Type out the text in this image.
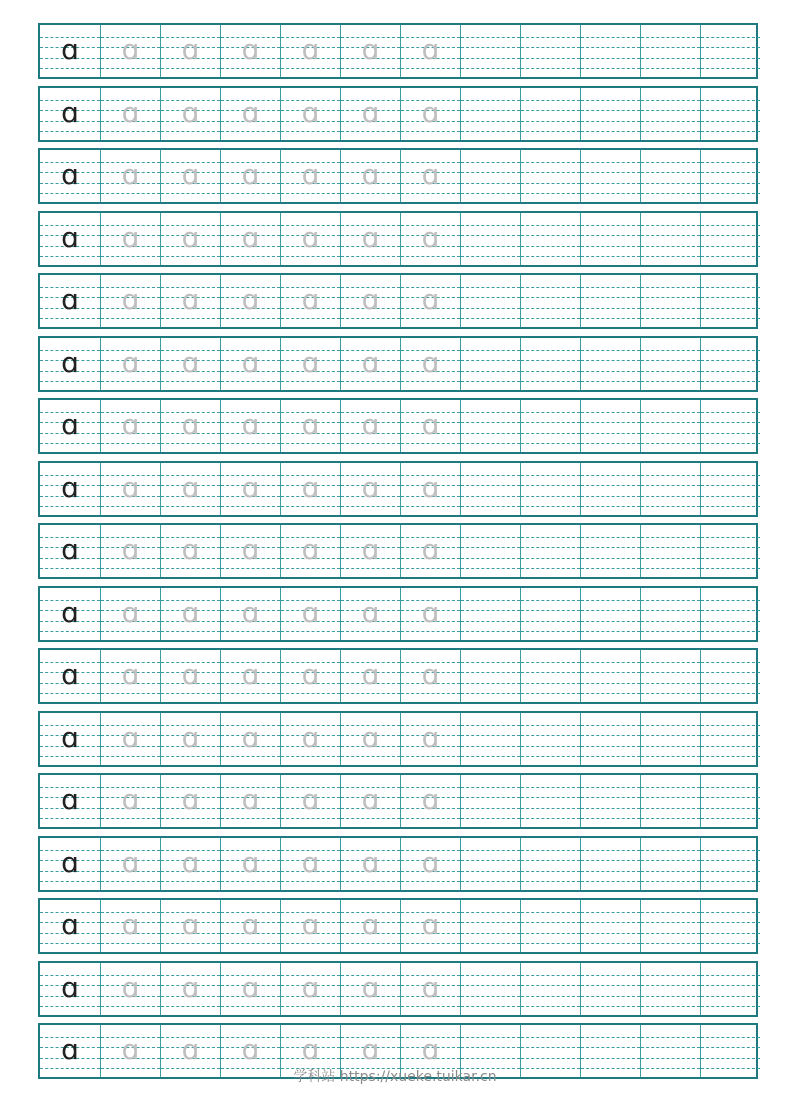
ɑ	ɑ	ɑ	ɑ	ɑ	ɑ	ɑ
ɑ	ɑ	ɑ	ɑ	ɑ	ɑ	ɑ
ɑ	ɑ	ɑ	ɑ	ɑ	ɑ	ɑ
ɑ	ɑ	ɑ	ɑ	ɑ	ɑ	ɑ
ɑ	ɑ	ɑ	ɑ	ɑ	ɑ	ɑ
ɑ	ɑ	ɑ	ɑ	ɑ	ɑ	ɑ
ɑ	ɑ	ɑ	ɑ	ɑ	ɑ	ɑ
ɑ	ɑ	ɑ	ɑ	ɑ	ɑ	ɑ
ɑ	ɑ	ɑ	ɑ	ɑ	ɑ	ɑ
ɑ	ɑ	ɑ	ɑ	ɑ	ɑ	ɑ
ɑ	ɑ	ɑ	ɑ	ɑ	ɑ	ɑ
ɑ	ɑ	ɑ	ɑ	ɑ	ɑ	ɑ
ɑ	ɑ	ɑ	ɑ	ɑ	ɑ	ɑ
ɑ	ɑ	ɑ	ɑ	ɑ	ɑ	ɑ
ɑ	ɑ	ɑ	ɑ	ɑ	ɑ	ɑ
ɑ	ɑ	ɑ	ɑ	ɑ	ɑ	ɑ
ɑ	ɑ	ɑ	ɑ	ɑ	ɑ	ɑ
学科站 https://xueke.tuikar.cn
